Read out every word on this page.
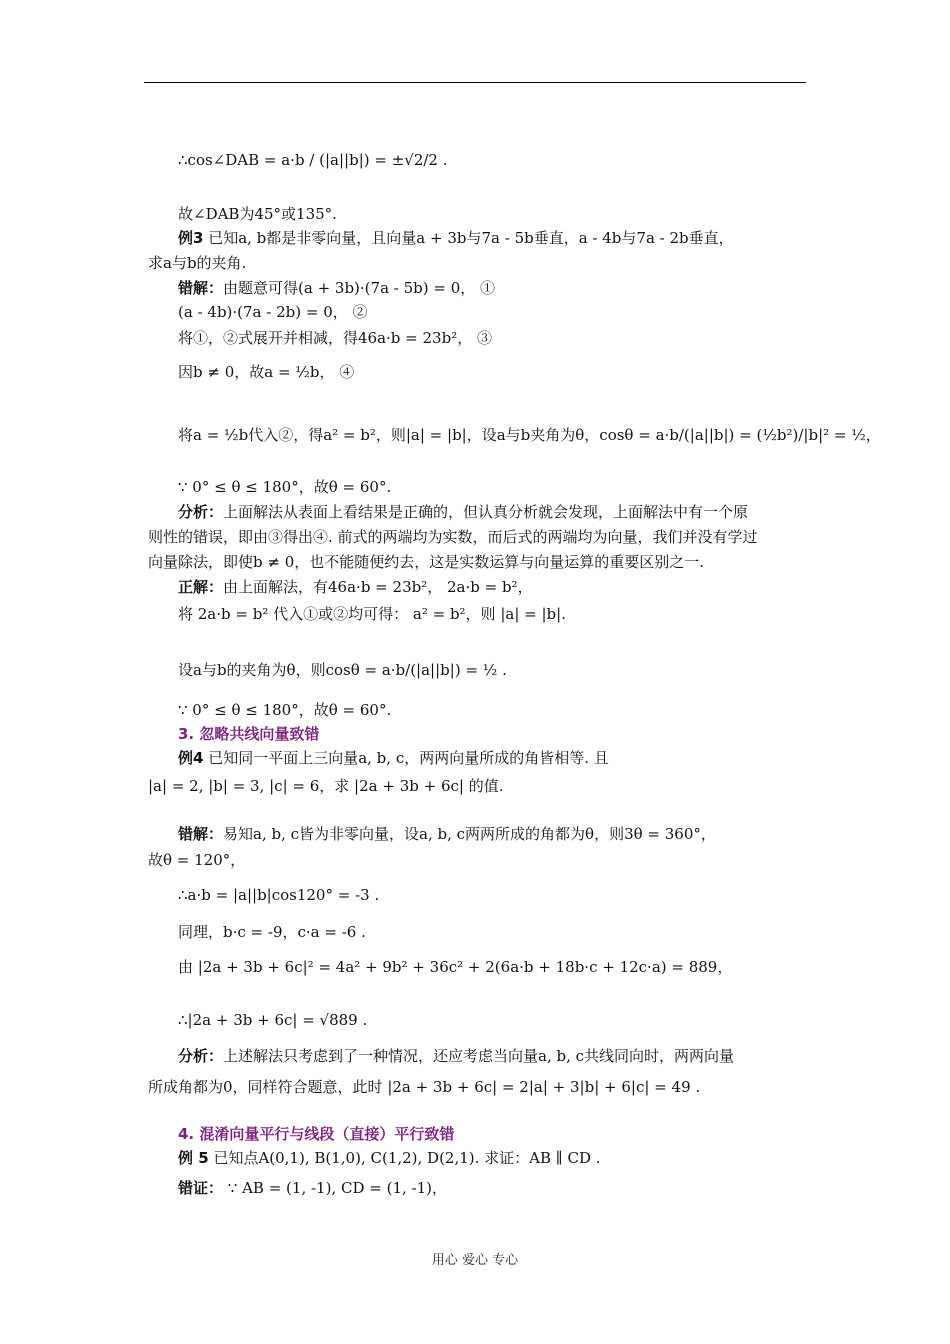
∴cos∠DAB = a·b / (|a||b|) = ±√2/2 .
故∠DAB为45°或135°.
例3 已知a, b都是非零向量，且向量a + 3b与7a - 5b垂直，a - 4b与7a - 2b垂直，
求a与b的夹角.
错解：由题意可得(a + 3b)·(7a - 5b) = 0， ①
(a - 4b)·(7a - 2b) = 0， ②
将①，②式展开并相减，得46a·b = 23b²， ③
因b ≠ 0，故a = ½b， ④
将a = ½b代入②，得a² = b²，则|a| = |b|，设a与b夹角为θ，cosθ = a·b/(|a||b|) = (½b²)/|b|² = ½，
∵ 0° ≤ θ ≤ 180°，故θ = 60°.
分析：上面解法从表面上看结果是正确的，但认真分析就会发现，上面解法中有一个原
则性的错误，即由③得出④. 前式的两端均为实数，而后式的两端均为向量，我们并没有学过
向量除法，即使b ≠ 0，也不能随便约去，这是实数运算与向量运算的重要区别之一.
正解：由上面解法，有46a·b = 23b²， 2a·b = b²，
将 2a·b = b² 代入①或②均可得： a² = b²，则 |a| = |b|.
设a与b的夹角为θ，则cosθ = a·b/(|a||b|) = ½ .
∵ 0° ≤ θ ≤ 180°，故θ = 60°.
3. 忽略共线向量致错
例4 已知同一平面上三向量a, b, c，两两向量所成的角皆相等. 且
|a| = 2, |b| = 3, |c| = 6，求 |2a + 3b + 6c| 的值.
错解：易知a, b, c皆为非零向量，设a, b, c两两所成的角都为θ，则3θ = 360°，
故θ = 120°，
∴a·b = |a||b|cos120° = -3 .
同理，b·c = -9，c·a = -6 .
由 |2a + 3b + 6c|² = 4a² + 9b² + 36c² + 2(6a·b + 18b·c + 12c·a) = 889，
∴|2a + 3b + 6c| = √889 .
分析：上述解法只考虑到了一种情况，还应考虑当向量a, b, c共线同向时，两两向量
所成角都为0，同样符合题意，此时 |2a + 3b + 6c| = 2|a| + 3|b| + 6|c| = 49 .
4. 混淆向量平行与线段（直接）平行致错
例 5 已知点A(0,1), B(1,0), C(1,2), D(2,1). 求证：AB ∥ CD .
错证： ∵ AB = (1, -1), CD = (1, -1)，
用心 爱心 专心
